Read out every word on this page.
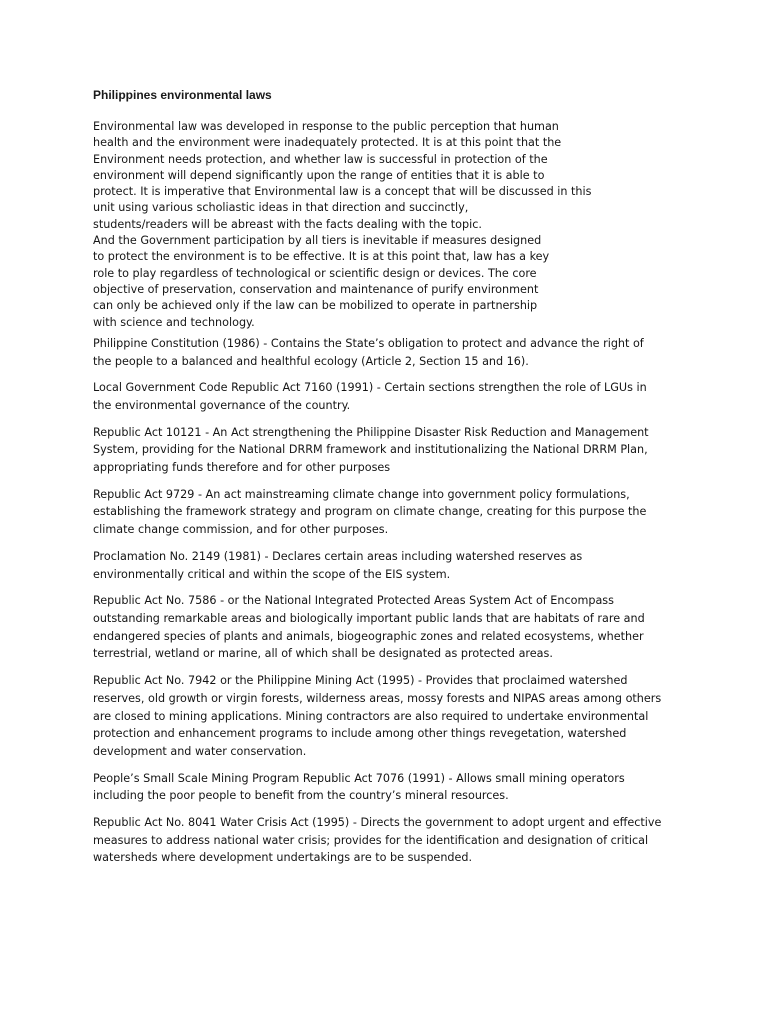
Philippines environmental laws
Environmental law was developed in response to the public perception that human
health and the environment were inadequately protected. It is at this point that the
Environment needs protection, and whether law is successful in protection of the
environment will depend significantly upon the range of entities that it is able to
protect. It is imperative that Environmental law is a concept that will be discussed in this
unit using various scholiastic ideas in that direction and succinctly,
students/readers will be abreast with the facts dealing with the topic.
And the Government participation by all tiers is inevitable if measures designed
to protect the environment is to be effective. It is at this point that, law has a key
role to play regardless of technological or scientific design or devices. The core
objective of preservation, conservation and maintenance of purify environment
can only be achieved only if the law can be mobilized to operate in partnership
with science and technology.
Philippine Constitution (1986) - Contains the State’s obligation to protect and advance the right of
the people to a balanced and healthful ecology (Article 2, Section 15 and 16).
Local Government Code Republic Act 7160 (1991) - Certain sections strengthen the role of LGUs in
the environmental governance of the country.
Republic Act 10121 - An Act strengthening the Philippine Disaster Risk Reduction and Management
System, providing for the National DRRM framework and institutionalizing the National DRRM Plan,
appropriating funds therefore and for other purposes
Republic Act 9729 - An act mainstreaming climate change into government policy formulations,
establishing the framework strategy and program on climate change, creating for this purpose the
climate change commission, and for other purposes.
Proclamation No. 2149 (1981) - Declares certain areas including watershed reserves as
environmentally critical and within the scope of the EIS system.
Republic Act No. 7586 - or the National Integrated Protected Areas System Act of Encompass
outstanding remarkable areas and biologically important public lands that are habitats of rare and
endangered species of plants and animals, biogeographic zones and related ecosystems, whether
terrestrial, wetland or marine, all of which shall be designated as protected areas.
Republic Act No. 7942 or the Philippine Mining Act (1995) - Provides that proclaimed watershed
reserves, old growth or virgin forests, wilderness areas, mossy forests and NIPAS areas among others
are closed to mining applications. Mining contractors are also required to undertake environmental
protection and enhancement programs to include among other things revegetation, watershed
development and water conservation.
People’s Small Scale Mining Program Republic Act 7076 (1991) - Allows small mining operators
including the poor people to benefit from the country’s mineral resources.
Republic Act No. 8041 Water Crisis Act (1995) - Directs the government to adopt urgent and effective
measures to address national water crisis; provides for the identification and designation of critical
watersheds where development undertakings are to be suspended.
